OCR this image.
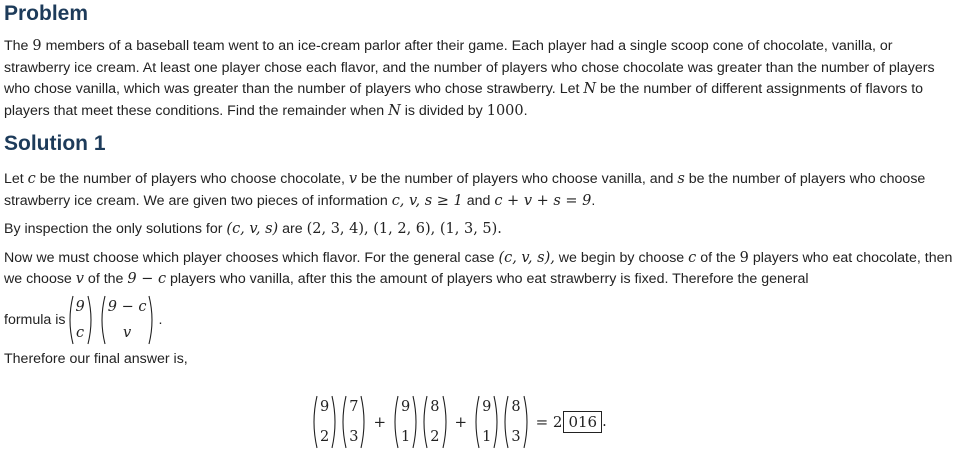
Problem

The 9 members of a baseball team went to an ice-cream parlor after their game. Each player had a single scoop cone of chocolate, vanilla, or strawberry ice cream. At least one player chose each flavor, and the number of players who chose chocolate was greater than the number of players who chose vanilla, which was greater than the number of players who chose strawberry. Let N be the number of different assignments of flavors to players that meet these conditions. Find the remainder when N is divided by 1000.

Solution 1

Let c be the number of players who choose chocolate, v be the number of players who choose vanilla, and s be the number of players who choose strawberry ice cream. We are given two pieces of information c, v, s ≥ 1 and c + v + s = 9.

By inspection the only solutions for (c, v, s) are (2, 3, 4), (1, 2, 6), (1, 3, 5).

Now we must choose which player chooses which flavor. For the general case (c, v, s), we begin by choose c of the 9 players who eat chocolate, then we choose v of the 9 − c players who vanilla, after this the amount of players who eat strawberry is fixed. Therefore the general

formula is
9
c
9 − c
v
.

Therefore our final answer is,

9
2
7
3
+
9
1
8
2
+
9
1
8
3
= 2 016 .
